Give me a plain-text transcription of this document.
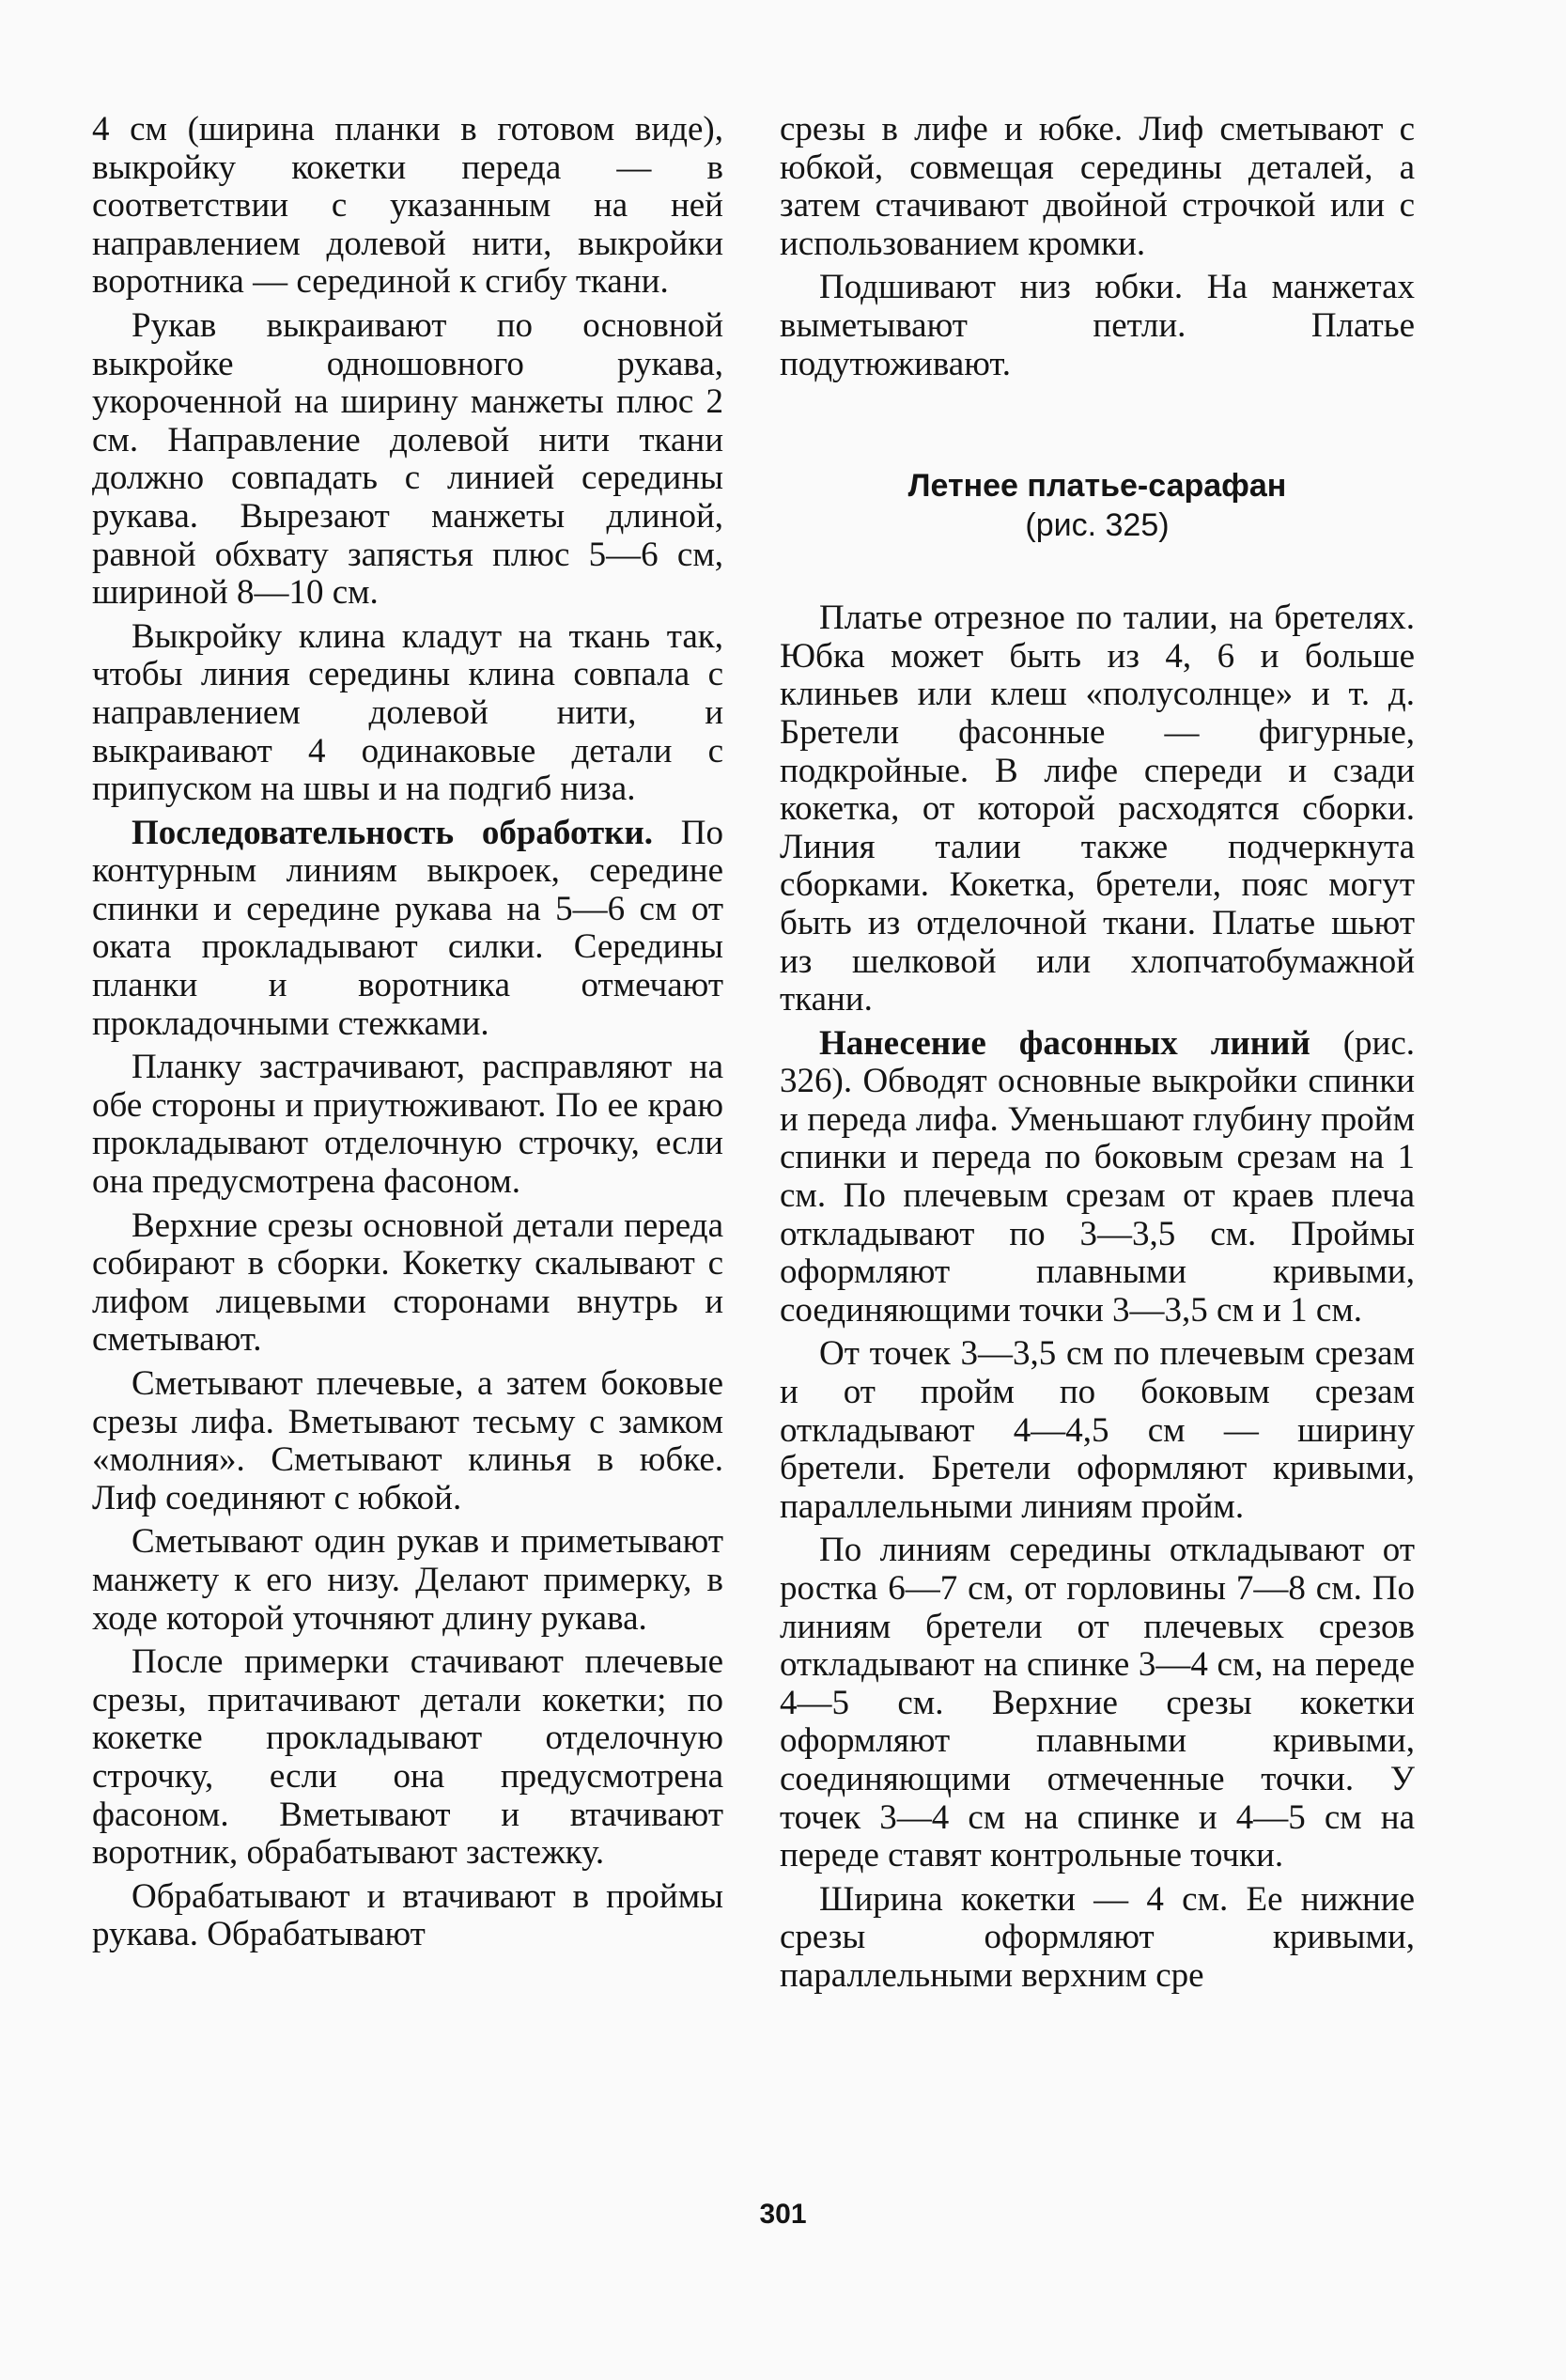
4 см (ширина планки в готовом виде), выкройку кокетки переда — в соответствии с указанным на ней направлением долевой нити, выкройки воротника — серединой к сгибу ткани.

Рукав выкраивают по основной выкройке одношовного рукава, укороченной на ширину манжеты плюс 2 см. Направление долевой нити ткани должно совпадать с линией середины рукава. Вырезают манжеты длиной, равной обхвату запястья плюс 5—6 см, шириной 8—10 см.

Выкройку клина кладут на ткань так, чтобы линия середины клина совпала с направлением долевой нити, и выкраивают 4 одинаковые детали с припуском на швы и на подгиб низа.

Последовательность обработки. По контурным линиям выкроек, середине спинки и середине рукава на 5—6 см от оката прокладывают силки. Середины планки и воротника отмечают прокладочными стежками.

Планку застрачивают, расправляют на обе стороны и приутюживают. По ее краю прокладывают отделочную строчку, если она предусмотрена фасоном.

Верхние срезы основной детали переда собирают в сборки. Кокетку скалывают с лифом лицевыми сторонами внутрь и сметывают.

Сметывают плечевые, а затем боковые срезы лифа. Вметывают тесьму с замком «молния». Сметывают клинья в юбке. Лиф соединяют с юбкой.

Сметывают один рукав и приметывают манжету к его низу. Делают примерку, в ходе которой уточняют длину рукава.

После примерки стачивают плечевые срезы, притачивают детали кокетки; по кокетке прокладывают отделочную строчку, если она предусмотрена фасоном. Вметывают и втачивают воротник, обрабатывают застежку.

Обрабатывают и втачивают в проймы рукава. Обрабатывают

срезы в лифе и юбке. Лиф сметывают с юбкой, совмещая середины деталей, а затем стачивают двойной строчкой или с использованием кромки.

Подшивают низ юбки. На манжетах выметывают петли. Платье подутюживают.

Летнее платье-сарафан
(рис. 325)

Платье отрезное по талии, на бретелях. Юбка может быть из 4, 6 и больше клиньев или клеш «полусолнце» и т. д. Бретели фасонные — фигурные, подкройные. В лифе спереди и сзади кокетка, от которой расходятся сборки. Линия талии также подчеркнута сборками. Кокетка, бретели, пояс могут быть из отделочной ткани. Платье шьют из шелковой или хлопчатобумажной ткани.

Нанесение фасонных линий (рис. 326). Обводят основные выкройки спинки и переда лифа. Уменьшают глубину пройм спинки и переда по боковым срезам на 1 см. По плечевым срезам от краев плеча откладывают по 3—3,5 см. Проймы оформляют плавными кривыми, соединяющими точки 3—3,5 см и 1 см.

От точек 3—3,5 см по плечевым срезам и от пройм по боковым срезам откладывают 4—4,5 см — ширину бретели. Бретели оформляют кривыми, параллельными линиям пройм.

По линиям середины откладывают от ростка 6—7 см, от горловины 7—8 см. По линиям бретели от плечевых срезов откладывают на спинке 3—4 см, на переде 4—5 см. Верхние срезы кокетки оформляют плавными кривыми, соединяющими отмеченные точки. У точек 3—4 см на спинке и 4—5 см на переде ставят контрольные точки.

Ширина кокетки — 4 см. Ее нижние срезы оформляют кривыми, параллельными верхним сре

301
